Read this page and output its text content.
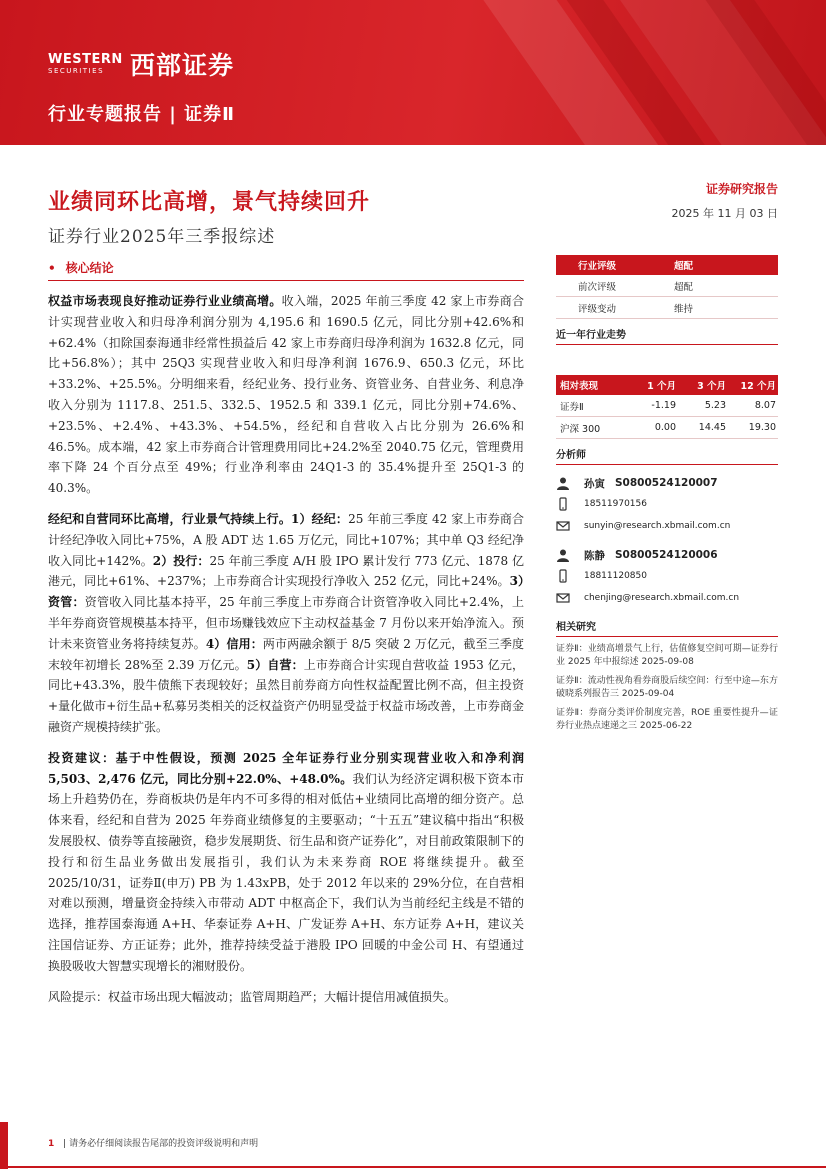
WESTERN
SECURITIES	西部证券
行业专题报告 | 证券Ⅱ
业绩同环比高增，景气持续回升
证券行业2025年三季报综述
证券研究报告
2025 年 11 月 03 日
• 核心结论

权益市场表现良好推动证券行业业绩高增。收入端，2025 年前三季度 42 家上市券商合计实现营业收入和归母净利润分别为 4,195.6 和 1690.5 亿元，同比分别+42.6%和+62.4%（扣除国泰海通非经常性损益后 42 家上市券商归母净利润为 1632.8 亿元，同比+56.8%）；其中 25Q3 实现营业收入和归母净利润 1676.9、650.3 亿元，环比+33.2%、+25.5%。分明细来看，经纪业务、投行业务、资管业务、自营业务、利息净收入分别为 1117.8、251.5、332.5、1952.5 和 339.1 亿元，同比分别+74.6%、+23.5%、+2.4%、+43.3%、+54.5%，经纪和自营收入占比分别为 26.6%和 46.5%。成本端，42 家上市券商合计管理费用同比+24.2%至 2040.75 亿元，管理费用率下降 24 个百分点至 49%；行业净利率由 24Q1-3 的 35.4%提升至 25Q1-3 的 40.3%。

经纪和自营同环比高增，行业景气持续上行。1）经纪：25 年前三季度 42 家上市券商合计经纪净收入同比+75%，A 股 ADT 达 1.65 万亿元，同比+107%；其中单 Q3 经纪净收入同比+142%。2）投行：25 年前三季度 A/H 股 IPO 累计发行 773 亿元、1878 亿港元，同比+61%、+237%；上市券商合计实现投行净收入 252 亿元，同比+24%。3）资管：资管收入同比基本持平，25 年前三季度上市券商合计资管净收入同比+2.4%，上半年券商资管规模基本持平，但市场赚钱效应下主动权益基金 7 月份以来开始净流入。预计未来资管业务将持续复苏。4）信用：两市两融余额于 8/5 突破 2 万亿元，截至三季度末较年初增长 28%至 2.39 万亿元。5）自营：上市券商合计实现自营收益 1953 亿元，同比+43.3%，股牛债熊下表现较好；虽然目前券商方向性权益配置比例不高，但主投资+量化做市+衍生品+私募另类相关的泛权益资产仍明显受益于权益市场改善，上市券商金融资产规模持续扩张。

投资建议：基于中性假设，预测 2025 全年证券行业分别实现营业收入和净利润 5,503、2,476 亿元，同比分别+22.0%、+48.0%。我们认为经济定调积极下资本市场上升趋势仍在，券商板块仍是年内不可多得的相对低估+业绩同比高增的细分资产。总体来看，经纪和自营为 2025 年券商业绩修复的主要驱动；“十五五”建议稿中指出“积极发展股权、债券等直接融资，稳步发展期货、衍生品和资产证券化”，对目前政策限制下的投行和衍生品业务做出发展指引，我们认为未来券商 ROE 将继续提升。截至 2025/10/31，证券Ⅱ(申万) PB 为 1.43xPB，处于 2012 年以来的 29%分位，在自营相对难以预测，增量资金持续入市带动 ADT 中枢高企下，我们认为当前经纪主线是不错的选择，推荐国泰海通 A+H、华泰证券 A+H、广发证券 A+H、东方证券 A+H，建议关注国信证券、方正证券；此外，推荐持续受益于港股 IPO 回暖的中金公司 H、有望通过换股吸收大智慧实现增长的湘财股份。

风险提示：权益市场出现大幅波动；监管周期趋严；大幅计提信用减值损失。

行业评级	超配
前次评级	超配
评级变动	维持
近一年行业走势
相对表现	1 个月	3 个月	12 个月
证券Ⅱ	-1.19	5.23	8.07
沪深 300	0.00	14.45	19.30
分析师
孙寅 S0800524120007
18511970156
sunyin@research.xbmail.com.cn
陈静 S0800524120006
18811120850
chenjing@research.xbmail.com.cn
相关研究
证券Ⅱ：业绩高增景气上行，估值修复空间可期—证券行业 2025 年中报综述 2025-09-08
证券Ⅱ：流动性视角看券商股后续空间：行至中途—东方破晓系列报告三 2025-09-04
证券Ⅱ：券商分类评价制度完善，ROE 重要性提升—证券行业热点速递之三 2025-06-22
1 | 请务必仔细阅读报告尾部的投资评级说明和声明
